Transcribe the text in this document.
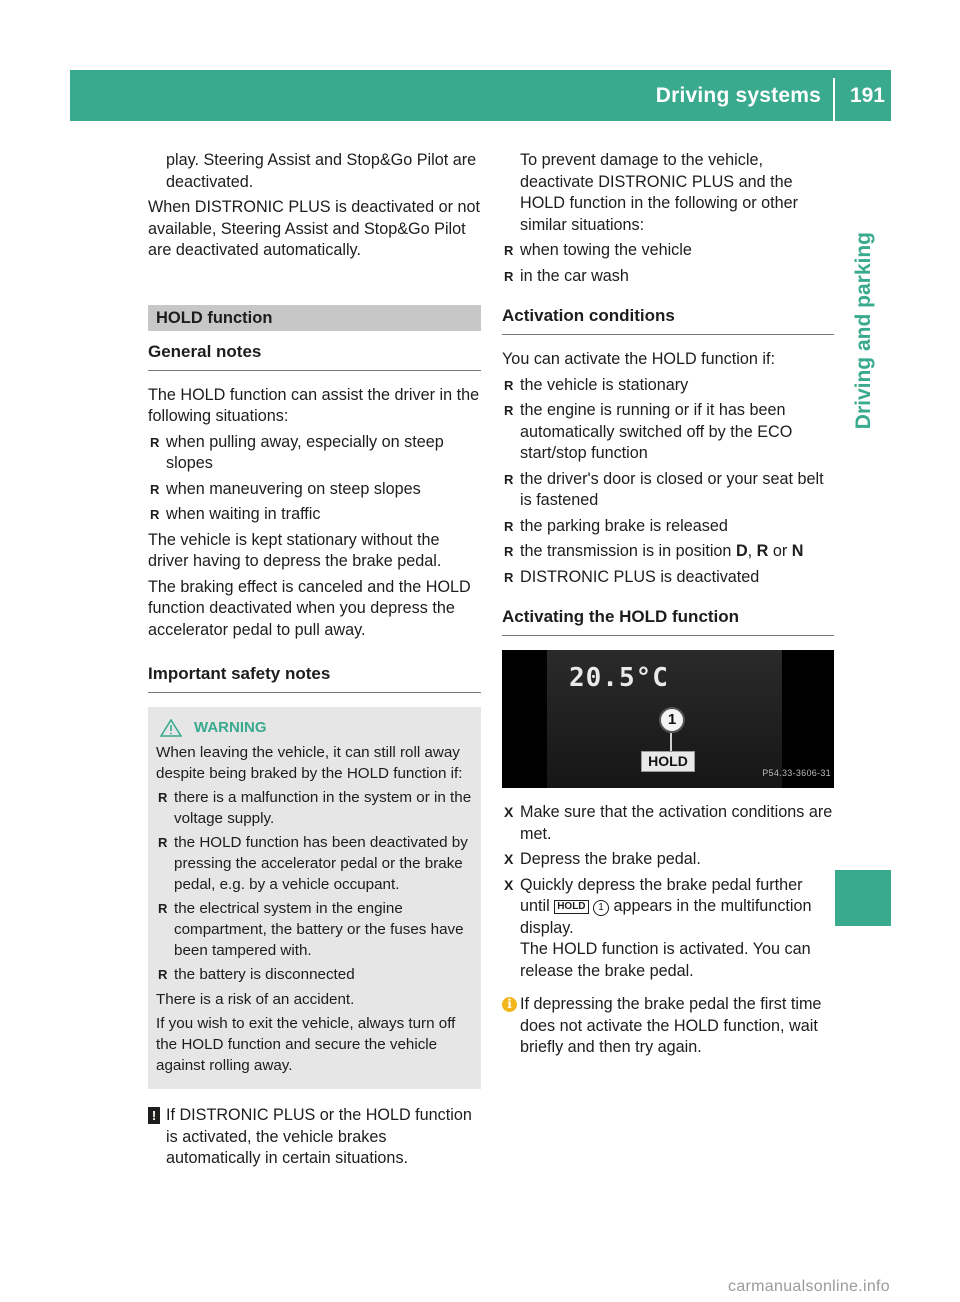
Driving systems 191
Driving and parking

play. Steering Assist and Stop&Go Pilot are deactivated.

When DISTRONIC PLUS is deactivated or not available, Steering Assist and Stop&Go Pilot are deactivated automatically.

HOLD function
General notes

The HOLD function can assist the driver in the following situations:

R when pulling away, especially on steep slopes
R when maneuvering on steep slopes
R when waiting in traffic

The vehicle is kept stationary without the driver having to depress the brake pedal.

The braking effect is canceled and the HOLD function deactivated when you depress the accelerator pedal to pull away.

Important safety notes
WARNING

When leaving the vehicle, it can still roll away despite being braked by the HOLD function if:

R there is a malfunction in the system or in the voltage supply.
R the HOLD function has been deactivated by pressing the accelerator pedal or the brake pedal, e.g. by a vehicle occupant.
R the electrical system in the engine compartment, the battery or the fuses have been tampered with.
R the battery is disconnected

There is a risk of an accident.

If you wish to exit the vehicle, always turn off the HOLD function and secure the vehicle against rolling away.

! If DISTRONIC PLUS or the HOLD function is activated, the vehicle brakes automatically in certain situations.

To prevent damage to the vehicle, deactivate DISTRONIC PLUS and the HOLD function in the following or other similar situations:

R when towing the vehicle
R in the car wash
Activation conditions

You can activate the HOLD function if:

R the vehicle is stationary
R the engine is running or if it has been automatically switched off by the ECO start/stop function
R the driver's door is closed or your seat belt is fastened
R the parking brake is released
R the transmission is in position D, R or N
R DISTRONIC PLUS is deactivated
Activating the HOLD function
20.5°C
1
HOLD
P54.33-3606-31
X Make sure that the activation conditions are met.
X Depress the brake pedal.
X Quickly depress the brake pedal further until HOLD 1 appears in the multifunction display.
The HOLD function is activated. You can release the brake pedal.
i If depressing the brake pedal the first time does not activate the HOLD function, wait briefly and then try again.
carmanualsonline.info
